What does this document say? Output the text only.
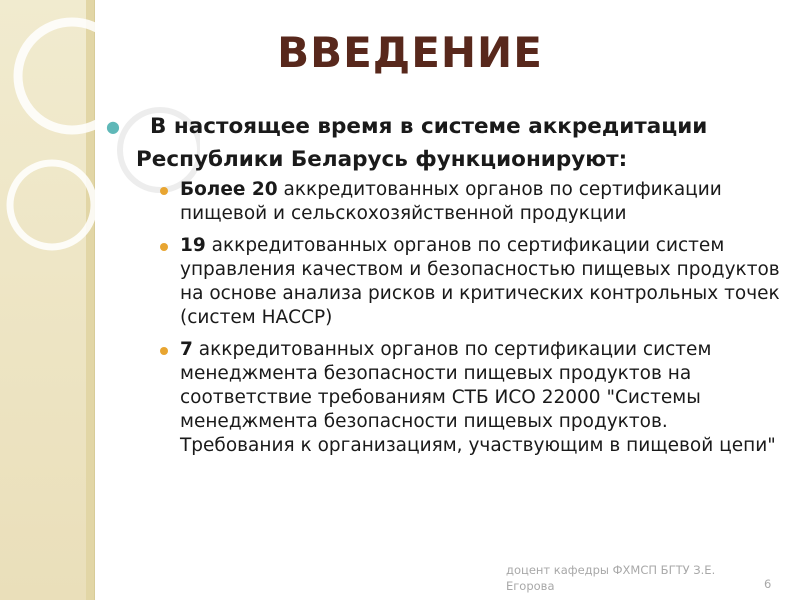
ВВЕДЕНИЕ
●	В настоящее время в системе аккредитации
Республики Беларусь функционируют:
Более 20 аккредитованных органов по сертификации пищевой и сельскохозяйственной продукции
19 аккредитованных органов по сертификации систем управления качеством и безопасностью пищевых продуктов на основе анализа рисков и критических контрольных точек (систем НАССР)
7 аккредитованных органов по сертификации систем менеджмента безопасности пищевых продуктов на соответствие требованиям СТБ ИСО 22000 "Системы менеджмента безопасности пищевых продуктов. Требования к организациям, участвующим в пищевой цепи"
доцент кафедры ФХМСП БГТУ З.Е. Егорова	6
